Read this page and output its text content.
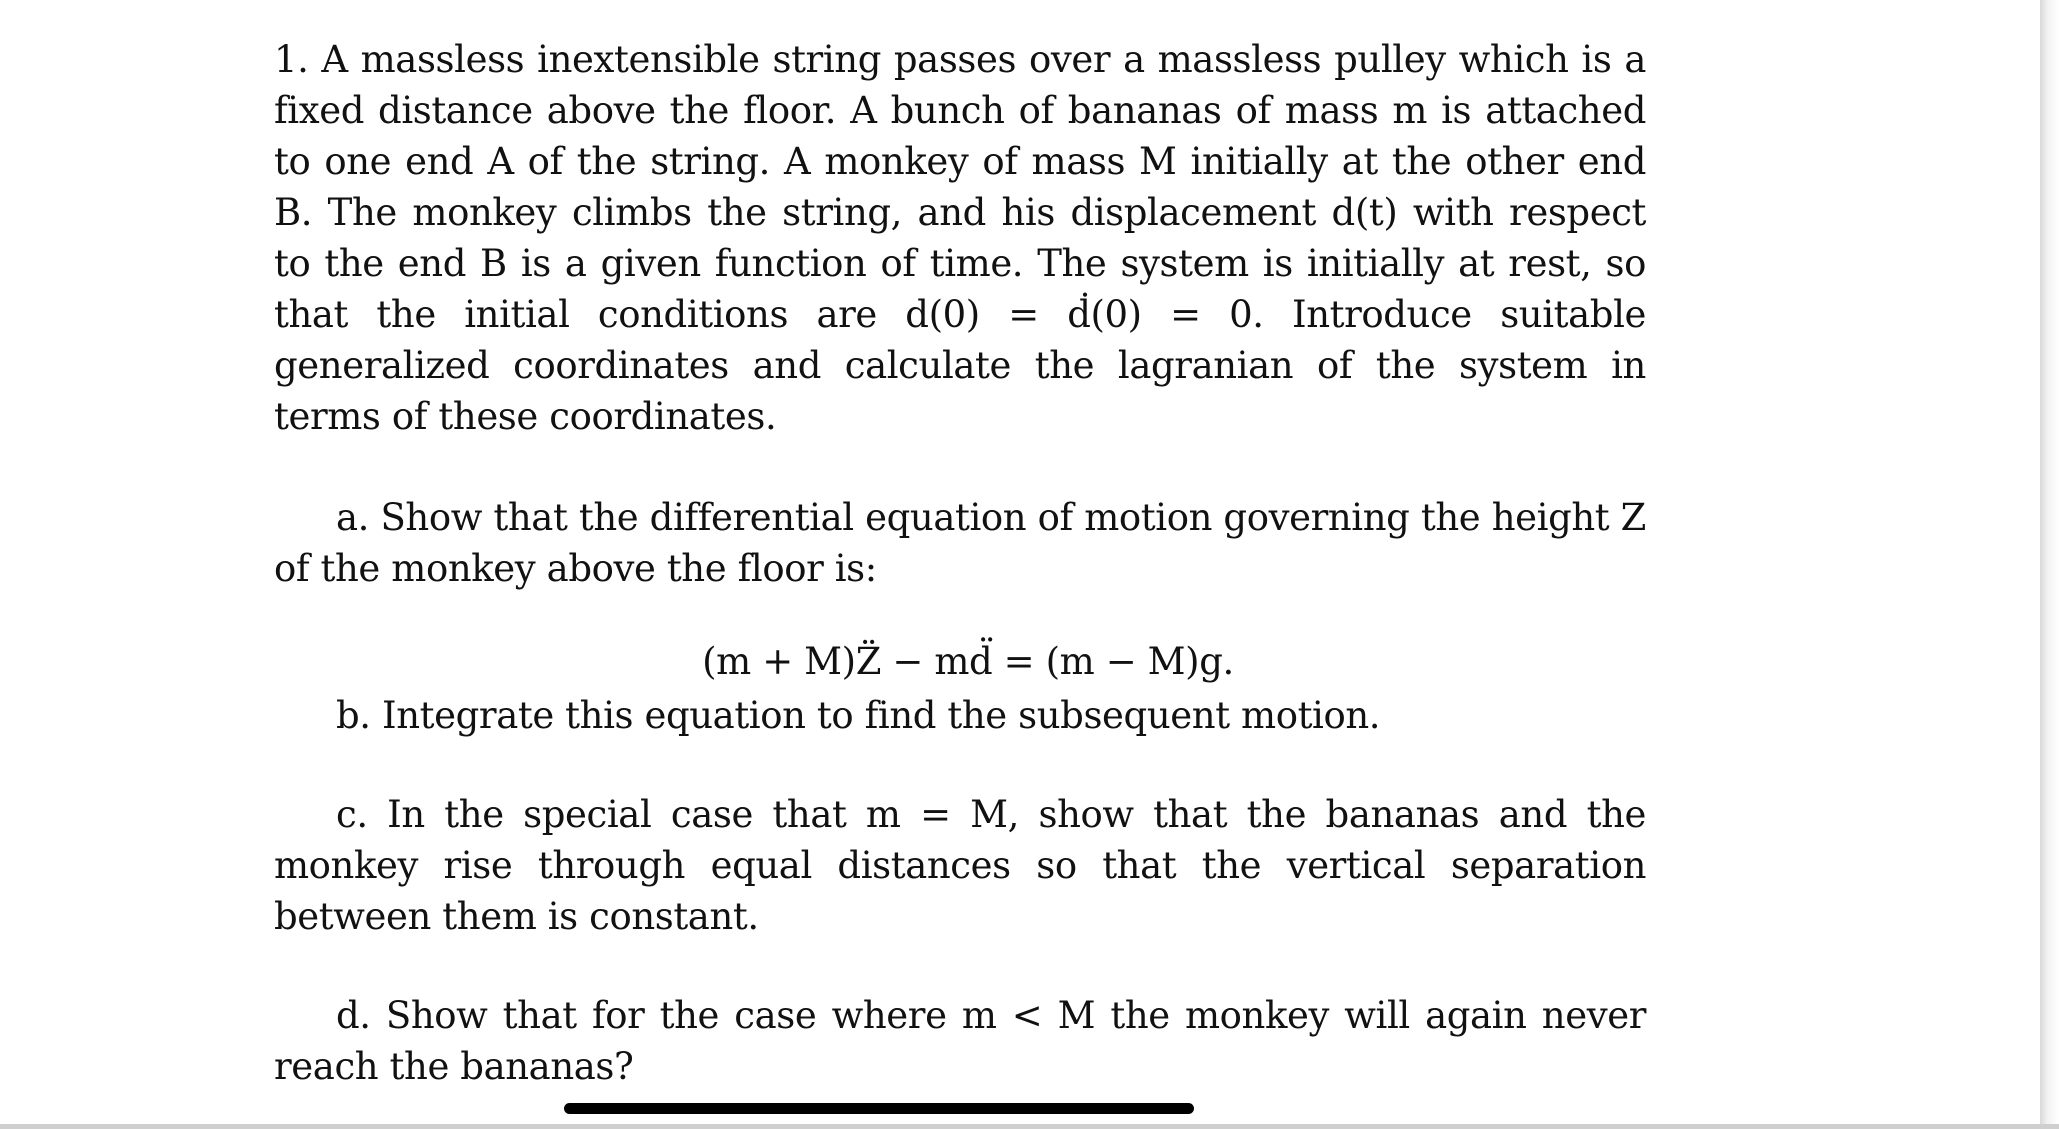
1. A massless inextensible string passes over a massless pulley which is a fixed distance above the floor. A bunch of bananas of mass m is attached to one end A of the string. A monkey of mass M initially at the other end B. The monkey climbs the string, and his displacement d(t) with respect to the end B is a given function of time. The system is initially at rest, so that the initial conditions are d(0) = ḋ(0) = 0. Introduce suitable generalized coordinates and calculate the lagranian of the system in terms of these coordinates.

a. Show that the differential equation of motion governing the height Z of the monkey above the floor is:

(m + M)Z̈ − md̈ = (m − M)g.

b. Integrate this equation to find the subsequent motion.

c. In the special case that m = M, show that the bananas and the monkey rise through equal distances so that the vertical separation between them is constant.

d. Show that for the case where m < M the monkey will again never reach the bananas?
